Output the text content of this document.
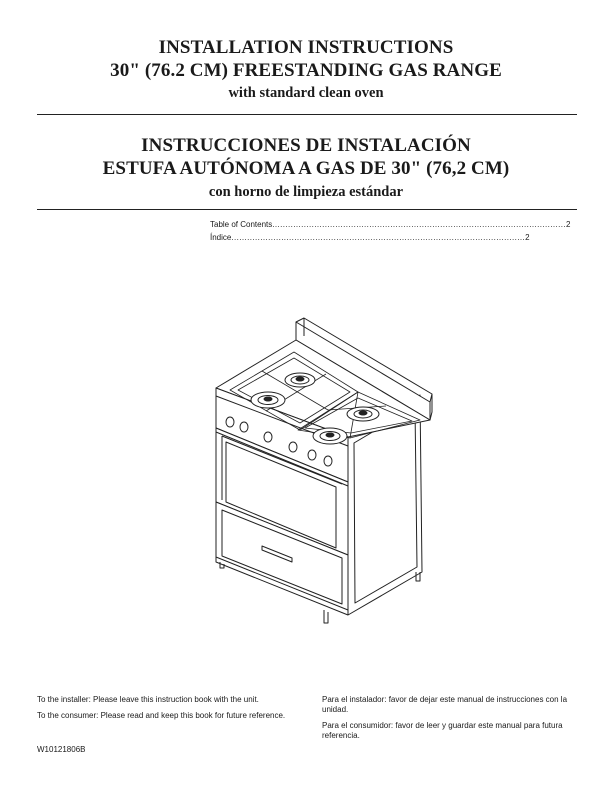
INSTALLATION INSTRUCTIONS
30" (76.2 CM) FREESTANDING GAS RANGE
with standard clean oven
INSTRUCCIONES DE INSTALACIÓN
ESTUFA AUTÓNOMA A GAS DE 30" (76,2 CM)
con horno de limpieza estándar
Table of Contents ................................................................................................................ 2
Índice ................................................................................................................ 2

To the installer: Please leave this instruction book with the unit.

To the consumer: Please read and keep this book for future reference.

Para el instalador: favor de dejar este manual de instrucciones con la unidad.

Para el consumidor: favor de leer y guardar este manual para futura referencia.

W10121806B
